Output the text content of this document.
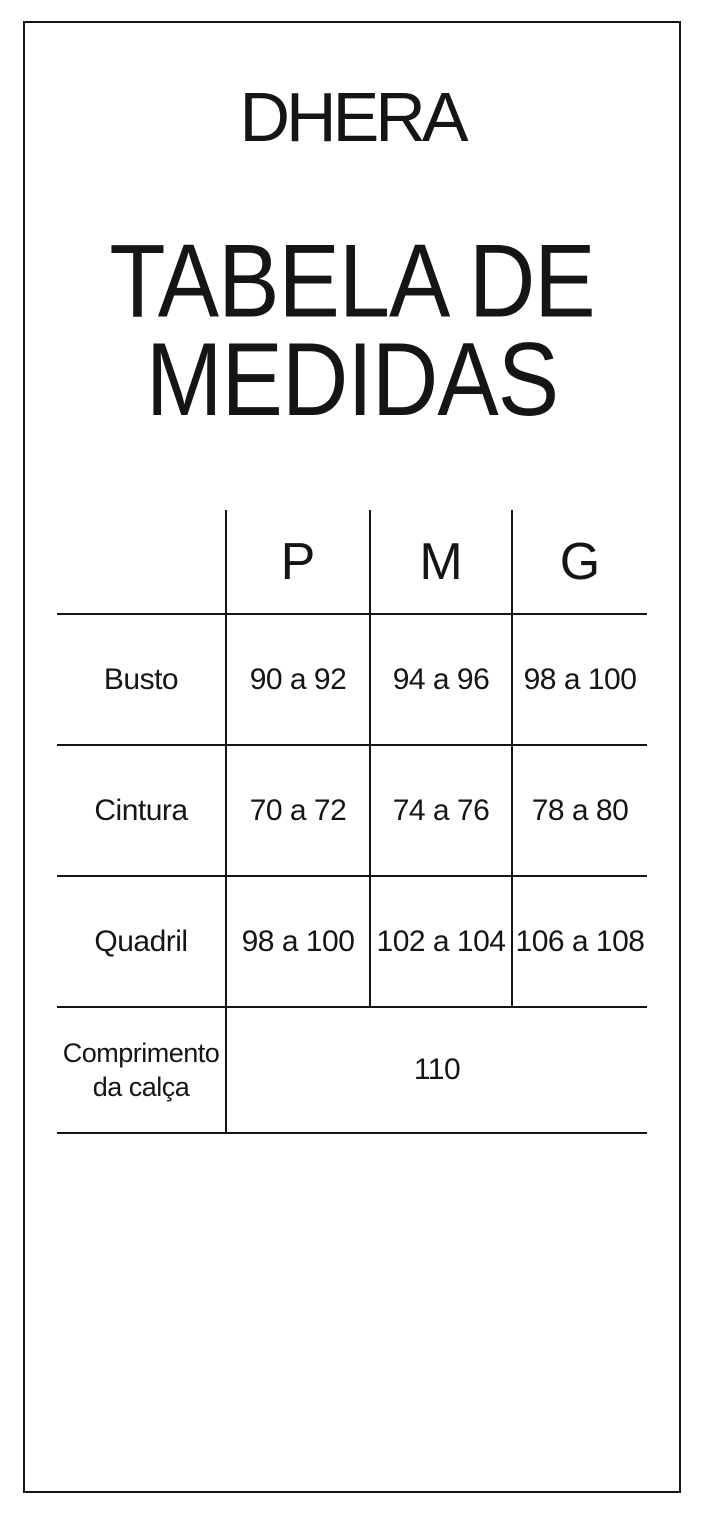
DHERA
TABELA DE
MEDIDAS
	P	M	G
Busto	90 a 92	94 a 96	98 a 100
Cintura	70 a 72	74 a 76	78 a 80
Quadril	98 a 100	102 a 104	106 a 108

Comprimento
da calça	110		
